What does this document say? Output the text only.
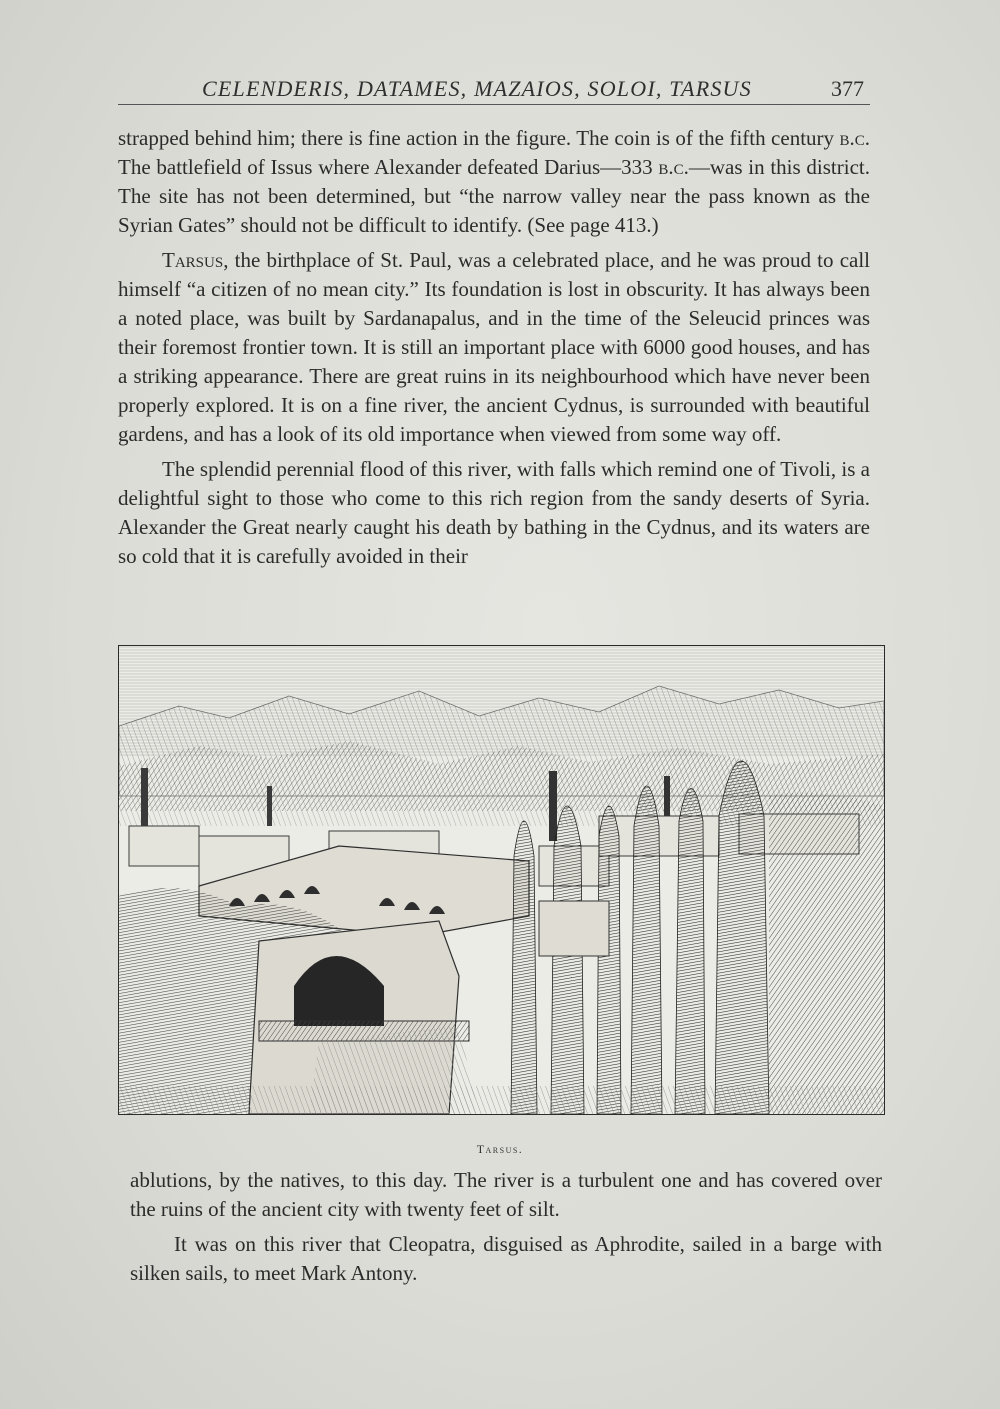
CELENDERIS, DATAMES, MAZAIOS, SOLOI, TARSUS	377

strapped behind him; there is fine action in the figure. The coin is of the fifth century b.c. The battlefield of Issus where Alexander defeated Darius—333 b.c.—was in this district. The site has not been determined, but “the narrow valley near the pass known as the Syrian Gates” should not be difficult to identify. (See page 413.)

Tarsus, the birthplace of St. Paul, was a celebrated place, and he was proud to call himself “a citizen of no mean city.” Its foundation is lost in obscurity. It has always been a noted place, was built by Sardanapalus, and in the time of the Seleucid princes was their foremost frontier town. It is still an important place with 6000 good houses, and has a striking appearance. There are great ruins in its neighbourhood which have never been properly explored. It is on a fine river, the ancient Cydnus, is surrounded with beautiful gardens, and has a look of its old importance when viewed from some way off.

The splendid perennial flood of this river, with falls which remind one of Tivoli, is a delightful sight to those who come to this rich region from the sandy deserts of Syria. Alexander the Great nearly caught his death by bathing in the Cydnus, and its waters are so cold that it is carefully avoided in their

Tarsus.

ablutions, by the natives, to this day. The river is a turbulent one and has covered over the ruins of the ancient city with twenty feet of silt.

It was on this river that Cleopatra, disguised as Aphrodite, sailed in a barge with silken sails, to meet Mark Antony.
